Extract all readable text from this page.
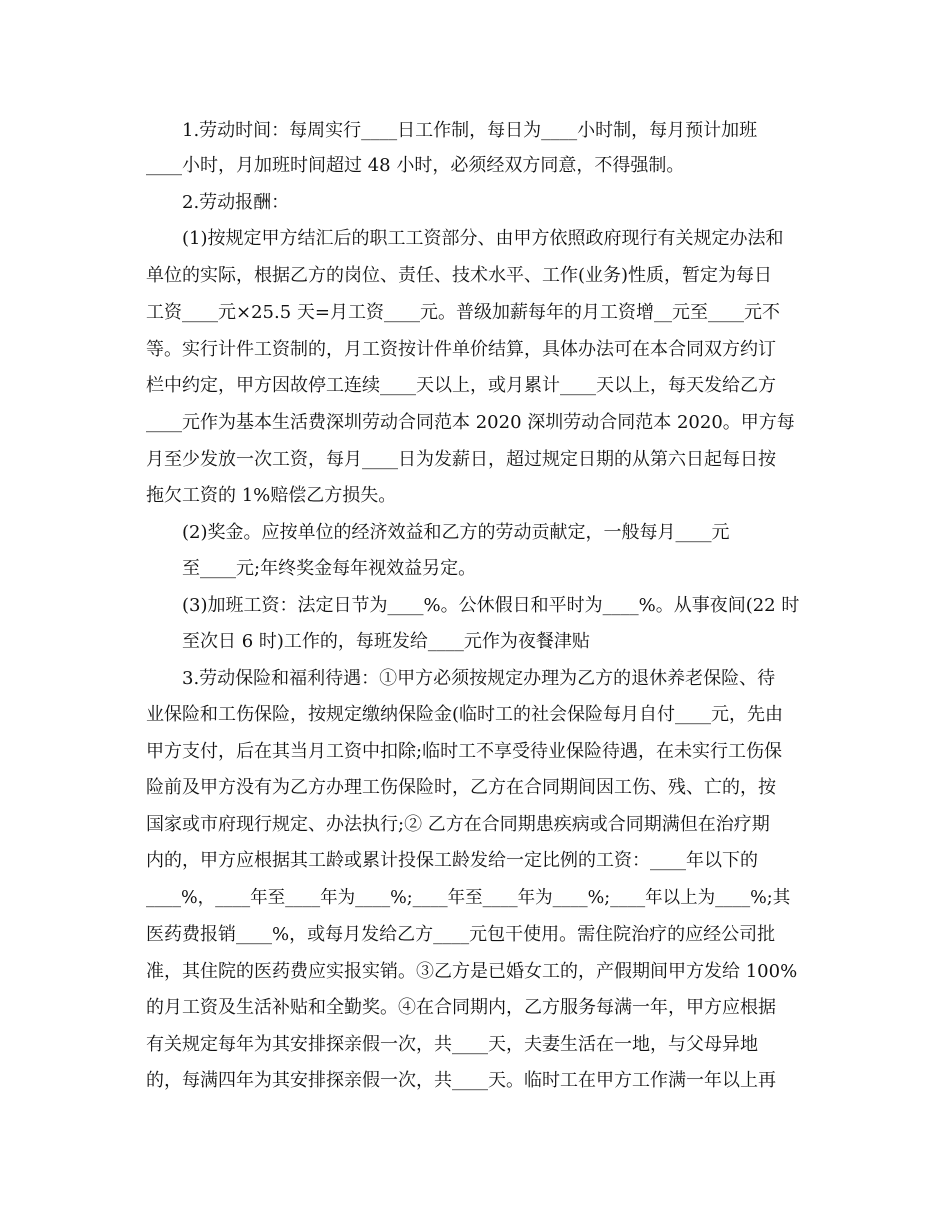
1.劳动时间：每周实行____日工作制，每日为____小时制，每月预计加班
____小时，月加班时间超过 48 小时，必须经双方同意，不得强制。
2.劳动报酬：
(1)按规定甲方结汇后的职工工资部分、由甲方依照政府现行有关规定办法和
单位的实际，根据乙方的岗位、责任、技术水平、工作(业务)性质，暂定为每日
工资____元×25.5 天=月工资____元。普级加薪每年的月工资增__元至____元不
等。实行计件工资制的，月工资按计件单价结算，具体办法可在本合同双方约订
栏中约定，甲方因故停工连续____天以上，或月累计____天以上，每天发给乙方
____元作为基本生活费深圳劳动合同范本 2020 深圳劳动合同范本 2020。甲方每
月至少发放一次工资，每月____日为发薪日，超过规定日期的从第六日起每日按
拖欠工资的 1%赔偿乙方损失。
(2)奖金。应按单位的经济效益和乙方的劳动贡献定，一般每月____元
至____元;年终奖金每年视效益另定。
(3)加班工资：法定日节为____%。公休假日和平时为____%。从事夜间(22 时
至次日 6 时)工作的，每班发给____元作为夜餐津贴
3.劳动保险和福利待遇：①甲方必须按规定办理为乙方的退休养老保险、待
业保险和工伤保险，按规定缴纳保险金(临时工的社会保险每月自付____元，先由
甲方支付，后在其当月工资中扣除;临时工不享受待业保险待遇，在未实行工伤保
险前及甲方没有为乙方办理工伤保险时，乙方在合同期间因工伤、残、亡的，按
国家或市府现行规定、办法执行;② 乙方在合同期患疾病或合同期满但在治疗期
内的，甲方应根据其工龄或累计投保工龄发给一定比例的工资：____年以下的
____%，____年至____年为____%;____年至____年为____%;____年以上为____%;其
医药费报销____%，或每月发给乙方____元包干使用。需住院治疗的应经公司批
准，其住院的医药费应实报实销。③乙方是已婚女工的，产假期间甲方发给 100%
的月工资及生活补贴和全勤奖。④在合同期内，乙方服务每满一年，甲方应根据
有关规定每年为其安排探亲假一次，共____天，夫妻生活在一地，与父母异地
的，每满四年为其安排探亲假一次，共____天。临时工在甲方工作满一年以上再
